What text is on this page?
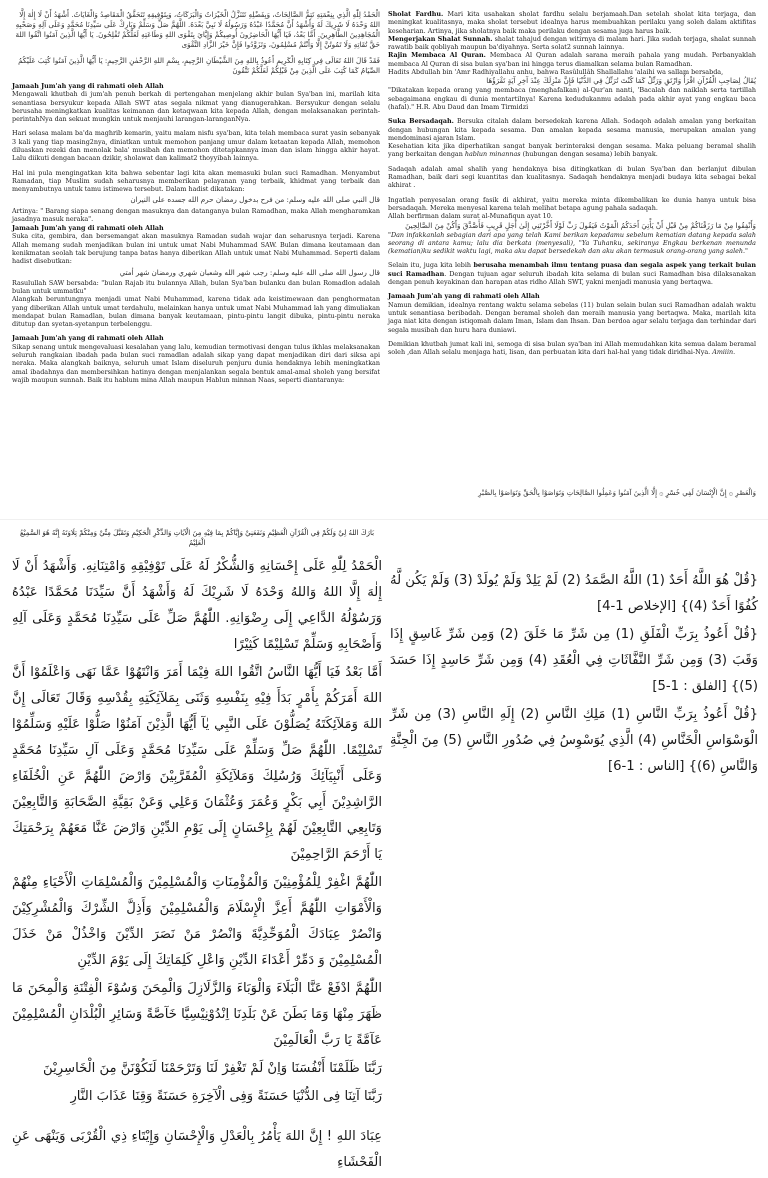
الْحَمْدُ لِلّٰهِ الَّذِي بِنِعْمَتِهِ تَتِمُّ الصَّالِحَاتُ، وَبِفَضْلِهِ تَتَنَزَّلُ الْخَيْرَاتُ وَالْبَرَكَاتُ، وَبِتَوْفِيقِهِ تَتَحَقَّقُ الْمَقَاصِدُ وَالْغَايَاتُ. أَشْهَدُ أَنْ لَا إِلٰهَ إِلَّا اللهُ وَحْدَهُ لَا شَرِيكَ لَهُ وَأَشْهَدُ أَنَّ مُحَمَّدًا عَبْدُهُ وَرَسُولُهُ لَا نَبِيَّ بَعْدَهُ. اللَّهُمَّ صَلِّ وَسَلِّمْ وَبَارِكْ عَلَى سَيِّدِنَا مُحَمَّدٍ وَعَلَى آلِهِ وَصَحْبِهِ الْمُجَاهِدِينَ الطَّاهِرِينَ. أَمَّا بَعْدُ، فَيَا أَيُّهَا الْحَاضِرُونَ أُوصِيكُمْ وَإِيَّايَ بِتَقْوَى اللهِ وَطَاعَتِهِ لَعَلَّكُمْ تُفْلِحُونَ. يَا أَيُّهَا الَّذِينَ آمَنُوا اتَّقُوا اللهَ حَقَّ تُقَاتِهِ وَلَا تَمُوتُنَّ إِلَّا وَأَنْتُمْ مُسْلِمُونَ، وَتَزَوَّدُوا فَإِنَّ خَيْرَ الزَّادِ التَّقْوَى

فَقَدْ قَالَ اللهُ تَعَالَى فِي كِتَابِهِ الْكَرِيمِ أَعُوذُ بِاللهِ مِنَ الشَّيْطَانِ الرَّجِيمِ، بِسْمِ اللهِ الرَّحْمٰنِ الرَّحِيمِ: يَا أَيُّهَا الَّذِينَ آمَنُوا كُتِبَ عَلَيْكُمُ الصِّيَامُ كَمَا كُتِبَ عَلَى الَّذِينَ مِنْ قَبْلِكُمْ لَعَلَّكُمْ تَتَّقُونَ

Jamaah Jum'ah yang di rahmati oleh Allah

Mengawali khutbah di jum'ah penuh berkah di pertengahan menjelang akhir bulan Sya'ban ini, marilah kita senantiasa bersyukur kepada Allah SWT atas segala nikmat yang dianugerahkan. Bersyukur dengan selalu berusaha meningkatkan kualitas keimanan dan ketaqwaan kita kepada Allah, dengan melaksanakan perintah-perintahNya dan sekuat mungkin untuk menjauhi larangan-laranganNya.

Hari selasa malam ba'da maghrib kemarin, yaitu malam nisfu sya'ban, kita telah membaca surat yasin sebanyak 3 kali yang tiap masing2nya, diniatkan untuk memohon panjang umur dalam ketaatan kepada Allah, memohon diluaskan rezeki dan menolak bala' musibah dan memohon ditetapkannya iman dan islam hingga akhir hayat. Lalu diikuti dengan bacaan dzikir, sholawat dan kalimat2 thoyyibah lainnya.

Hal ini pula mengingatkan kita bahwa sebentar lagi kita akan memasuki bulan suci Ramadhan. Menyambut Ramadan, tiap Muslim sudah seharusnya memberikan pelayanan yang terbaik, khidmat yang terbaik dan menyambutnya untuk tamu istimewa tersebut. Dalam hadist dikatakan:

قال النبي صلى الله عليه وسلم: من فرح بدخول رمضان حرم الله جسده على النيران

Artinya: " Barang siapa senang dengan masuknya dan datanganya bulan Ramadhan, maka Allah mengharamkan jasadnya masuk neraka".

Jamaah Jum'ah yang di rahmati oleh Allah

Suka cita, gembira, dan bersemangat akan masuknya Ramadan sudah wajar dan seharusnya terjadi. Karena Allah memang sudah menjadikan bulan ini untuk umat Nabi Muhammad SAW. Bulan dimana keutamaan dan kenikmatan seolah tak berujung tanpa batas hanya diberikan Allah untuk umat Nabi Muhammad. Seperti dalam hadist disebutkan:

قال رسول الله صلى الله عليه وسلم: رجب شهر الله وشعبان شهري ورمضان شهر أمتي

Rasulullah SAW bersabda: "bulan Rajab itu bulannya Allah, bulan Sya'ban bulanku dan bulan Romadlon adalah bulan untuk ummatku"

Alangkah beruntungnya menjadi umat Nabi Muhammad, karena tidak ada keistimewaan dan penghormatan yang diberikan Allah untuk umat terdahulu, melainkan hanya untuk umat Nabi Muhammad lah yang dimuliakan mendapat bulan Ramadlan, bulan dimana banyak keutamaan, pintu-pintu langit dibuka, pintu-pintu neraka ditutup dan syetan-syetanpun terbelenggu.

Jamaah Jum'ah yang di rahmati oleh Allah

Sikap senang untuk mengevaluasi kesalahan yang lalu, kemudian termotivasi dengan tulus ikhlas melaksanakan seluruh rangkaian ibadah pada bulan suci ramadlan adalah sikap yang dapat menjadikan diri dari siksa api neraka. Maka alangkah baiknya, seluruh umat Islam diseluruh penjuru dunia hendaknya lebih meningkatkan amal ibadahnya dan membersihkan hatinya dengan menjalankan segala bentuk amal-amal sholeh yang bersifat wajib maupun sunnah. Baik itu hablum mina Allah maupun Hablun minnan Naas, seperti diantaranya:

Sholat Fardhu. Mari kita usahakan sholat fardhu selalu berjamaah.Dan setelah sholat kita terjaga, dan meningkat kualitasnya, maka sholat tersebut idealnya harus membuahkan perilaku yang soleh dalam aktifitas keseharian. Artinya, jika sholatnya baik maka perilaku dengan sesama juga harus baik.

Mengerjakan Shalat Sunnah. shalat tahajud dengan witirnya di malam hari. Jika sudah terjaga, shalat sunnah rawatib baik qobliyah maupun ba'diyahnya. Serta solat2 sunnah lainnya.

Rajin Membaca Al Quran. Membaca Al Quran adalah sarana meraih pahala yang mudah. Perbanyaklah membaca Al Quran di sisa bulan sya'ban ini hingga terus diamalkan selama bulan Ramadhan.

Hadits Abdullah bin 'Amr Radhiyallahu anhu, bahwa Rasûlullâh Shallallahu 'alaihi wa sallam bersabda,

يُقَالُ لِصَاحِبِ الْقُرْآنِ اقْرَأْ وَارْتَقِ وَرَتِّلْ كَمَا كُنْتَ تُرَتِّلُ فِي الدُّنْيَا فَإِنَّ مَنْزِلَكَ عِنْدَ آخِرِ آيَةٍ تَقْرَؤُهَا

"Dikatakan kepada orang yang membaca (menghafalkan) al-Qur'an nanti, 'Bacalah dan naiklah serta tartillah sebagaimana engkau di dunia mentartilnya! Karena kedudukanmu adalah pada akhir ayat yang engkau baca (hafal)." H.R. Abu Daud dan Imam Tirmidzi

Suka Bersadaqah. Bersuka citalah dalam bersedekah karena Allah. Sodaqoh adalah amalan yang berkaitan dengan hubungan kita kepada sesama. Dan amalan kepada sesama manusia, merupakan amalan yang mendominasi ajaran Islam.

Kesehatian kita jika diperhatikan sangat banyak berinteraksi dengan sesama. Maka peluang beramal shalih yang berkaitan dengan hablun minannas (hubungan dengan sesama) lebih banyak.

Sadaqah adalah amal shalih yang hendaknya bisa ditingkatkan di bulan Sya'ban dan berlanjut dibulan Ramadhan, baik dari segi kuantitas dan kualitasnya. Sadaqah hendaknya menjadi budaya kita sebagai bekal akhirat .

Ingatlah penyesalan orang fasik di akhirat, yaitu mereka minta dikembalikan ke dunia hanya untuk bisa bersadaqah. Mereka menyesal karena telah melihat betapa agung pahala sadaqah.

Allah berfirman dalam surat al-Munafiqun ayat 10.

وَأَنْفِقُوا مِنْ مَا رَزَقْنَاكُمْ مِنْ قَبْلِ أَنْ يَأْتِيَ أَحَدَكُمُ الْمَوْتُ فَيَقُولَ رَبِّ لَوْلَا أَخَّرْتَنِي إِلَىٰ أَجَلٍ قَرِيبٍ فَأَصَّدَّقَ وَأَكُنْ مِنَ الصَّالِحِينَ

"Dan infakkanlah sebagian dari apa yang telah Kami berikan kepadamu sebelum kematian datang kepada salah seorang di antara kamu; lalu dia berkata (menyesali), "Ya Tuhanku, sekiranya Engkau berkenan menunda (kematian)ku sedikit waktu lagi, maka aku dapat bersedekah dan aku akan termasuk orang-orang yang saleh."

Selain itu, juga kita lebih berusaha menambah ilmu tentang puasa dan segala aspek yang terkait bulan suci Ramadhan. Dengan tujuan agar seluruh ibadah kita selama di bulan suci Ramadhan bisa dilaksanakan dengan penuh keyakinan dan harapan atas ridho Allah SWT, yakni menjadi manusia yang bertaqwa.

Jamaah Jum'ah yang di rahmati oleh Allah

Namun demikian, idealnya rentang waktu selama sebelas (11) bulan selain bulan suci Ramadhan adalah waktu untuk senantiasa beribadah. Dengan beramal sholeh dan meraih manusia yang bertaqwa. Maka, marilah kita jaga niat kita dengan istiqomah dalam Iman, Islam dan Ihsan. Dan berdoa agar selalu terjaga dan terhindar dari segala musibah dan huru hara duniawi.

Demikian khutbah jumat kali ini, semoga di sisa bulan sya'ban ini Allah memudahkan kita semua dalam beramal soleh ,dan Allah selalu menjaga hati, lisan, dan perbuatan kita dari hal-hal yang tidak diridhai-Nya. Amiiin.

وَالْعَصْرِ ۞ إِنَّ الْإِنْسَانَ لَفِي خُسْرٍ ۞ إِلَّا الَّذِينَ آمَنُوا وَعَمِلُوا الصَّالِحَاتِ وَتَوَاصَوْا بِالْحَقِّ وَتَوَاصَوْا بِالصَّبْرِ
بَارَكَ اللهُ لِيْ وَلَكُمْ فِي الْقُرْآنِ الْعَظِيْمِ وَنَفَعَنِيْ وَإِيَّاكُمْ بِمَا فِيْهِ مِنَ الْآيَاتِ وَالذِّكْرِ الْحَكِيْمِ وَتَقَبَّلَ مِنِّيْ وَمِنْكُمْ تِلَاوَتَهُ إِنَّهُ هُوَ السَّمِيْعُ الْعَلِيْمُ
الْحَمْدُ لِلّٰهِ عَلَى إِحْسَانِهِ وَالشُّكْرُ لَهُ عَلَى تَوْفِيْقِهِ وَامْتِنَانِهِ. وَأَشْهَدُ أَنْ لَا إِلٰهَ إِلَّا اللهُ وَاللهُ وَحْدَهُ لَا شَرِيْكَ لَهُ وَأَشْهَدُ أَنَّ سَيِّدَنَا مُحَمَّدًا عَبْدُهُ وَرَسُوْلُهُ الدَّاعِي إِلَى رِضْوَانِهِ. اللّٰهُمَّ صَلِّ عَلَى سَيِّدِنَا مُحَمَّدٍ وَعَلَى آلِهِ وَأَصْحَابِهِ وَسَلِّمْ تَسْلِيْمًا كَثِيْرًا
أَمَّا بَعْدُ فَيَا أَيُّهَا النَّاسُ اتَّقُوا اللهَ فِيْمَا أَمَرَ وَانْتَهُوْا عَمَّا نَهَى وَاعْلَمُوْا أَنَّ اللهَ أَمَرَكُمْ بِأَمْرٍ بَدَأَ فِيْهِ بِنَفْسِهِ وَثَنَى بِمَلآئِكَتِهِ بِقُدْسِهِ وَقَالَ تَعَالَى إِنَّ اللهَ وَمَلآئِكَتَهُ يُصَلُّوْنَ عَلَى النَّبِي يٰآ أَيُّهَا الَّذِيْنَ آمَنُوْا صَلُّوْا عَلَيْهِ وَسَلِّمُوْا تَسْلِيْمًا. اللّٰهُمَّ صَلِّ وَسَلِّمْ عَلَى سَيِّدِنَا مُحَمَّدٍ وَعَلَى آلِ سَيِّدِنَا مُحَمَّدٍ وَعَلَى أَنْبِيَآئِكَ وَرُسُلِكَ وَمَلآئِكَةِ الْمُقَرَّبِيْنَ وَارْضَ اللّٰهُمَّ عَنِ الْخُلَفَاءِ الرَّاشِدِيْنَ أَبِي بَكْرٍ وَعُمَرَ وَعُثْمَانَ وَعَلِي وَعَنْ بَقِيَّةِ الصَّحَابَةِ وَالتَّابِعِيْنَ وَتَابِعِي التَّابِعِيْنَ لَهُمْ بِإِحْسَانٍ إِلَى يَوْمِ الدِّيْنِ وَارْضَ عَنَّا مَعَهُمْ بِرَحْمَتِكَ يَا أَرْحَمَ الرَّاحِمِيْنَ
اللّٰهُمَّ اغْفِرْ لِلْمُؤْمِنِيْنَ وَالْمُؤْمِنَاتِ وَالْمُسْلِمِيْنَ وَالْمُسْلِمَاتِ الْأَحْيَاءِ مِنْهُمْ وَالْأَمْوَاتِ اللّٰهُمَّ أَعِزَّ الْإِسْلَامَ وَالْمُسْلِمِيْنَ وَأَذِلَّ الشِّرْكَ وَالْمُشْرِكِيْنَ وَانْصُرْ عِبَادَكَ الْمُوَحِّدِيَّةَ وَانْصُرْ مَنْ نَصَرَ الدِّيْنَ وَاخْذُلْ مَنْ خَذَلَ الْمُسْلِمِيْنَ وَ دَمِّرْ أَعْدَاءَ الدِّيْنِ وَاعْلِ كَلِمَاتِكَ إِلَى يَوْمَ الدِّيْنِ
اللّٰهُمَّ ادْفَعْ عَنَّا الْبَلَاءَ وَالْوَبَاءَ وَالزَّلَازِلَ وَالْمِحَنَ وَسُوْءَ الْفِتْنَةِ وَالْمِحَنَ مَا ظَهَرَ مِنْهَا وَمَا بَطَنَ عَنْ بَلَدِنَا اِنْدُوْنِيْسِيَّا خَآصَّةً وَسَائِرِ الْبُلْدَانِ الْمُسْلِمِيْنَ عَآمَّةً يَا رَبَّ الْعَالَمِيْنَ
رَبَّنَا ظَلَمْنَا أَنْفُسَنَا وَاِنْ لَمْ تَغْفِرْ لَنَا وَتَرْحَمْنَا لَنَكُوْنَنَّ مِنَ الْخَاسِرِيْنَ
رَبَّنَا آتِنَا فِى الدُّنْيَا حَسَنَةً وَفِى الْآخِرَةِ حَسَنَةً وَقِنَا عَذَابَ النَّارِ
عِبَادَ اللهِ ! إِنَّ اللهَ يَأْمُرُ بِالْعَدْلِ وَالْإِحْسَانِ وَإِيْتَاءِ ذِي الْقُرْبَى وَيَنْهَى عَنِ الْفَحْشَاءِ
{قُلْ هُوَ اللَّهُ أَحَدٌ (1) اللَّهُ الصَّمَدُ (2) لَمْ يَلِدْ وَلَمْ يُولَدْ (3) وَلَمْ يَكُن لَّهُ كُفُوًا أَحَدٌ (4)} [الإخلاص 1-4]
{قُلْ أَعُوذُ بِرَبِّ الْفَلَقِ (1) مِن شَرِّ مَا خَلَقَ (2) وَمِن شَرِّ غَاسِقٍ إِذَا وَقَبَ (3) وَمِن شَرِّ النَّفَّاثَاتِ فِي الْعُقَدِ (4) وَمِن شَرِّ حَاسِدٍ إِذَا حَسَدَ (5)} [الفلق : 1-5]
{قُلْ أَعُوذُ بِرَبِّ النَّاسِ (1) مَلِكِ النَّاسِ (2) إِلَهِ النَّاسِ (3) مِن شَرِّ الْوَسْوَاسِ الْخَنَّاسِ (4) الَّذِي يُوَسْوِسُ فِي صُدُورِ النَّاسِ (5) مِنَ الْجِنَّةِ وَالنَّاسِ (6)} [الناس : 1-6]
